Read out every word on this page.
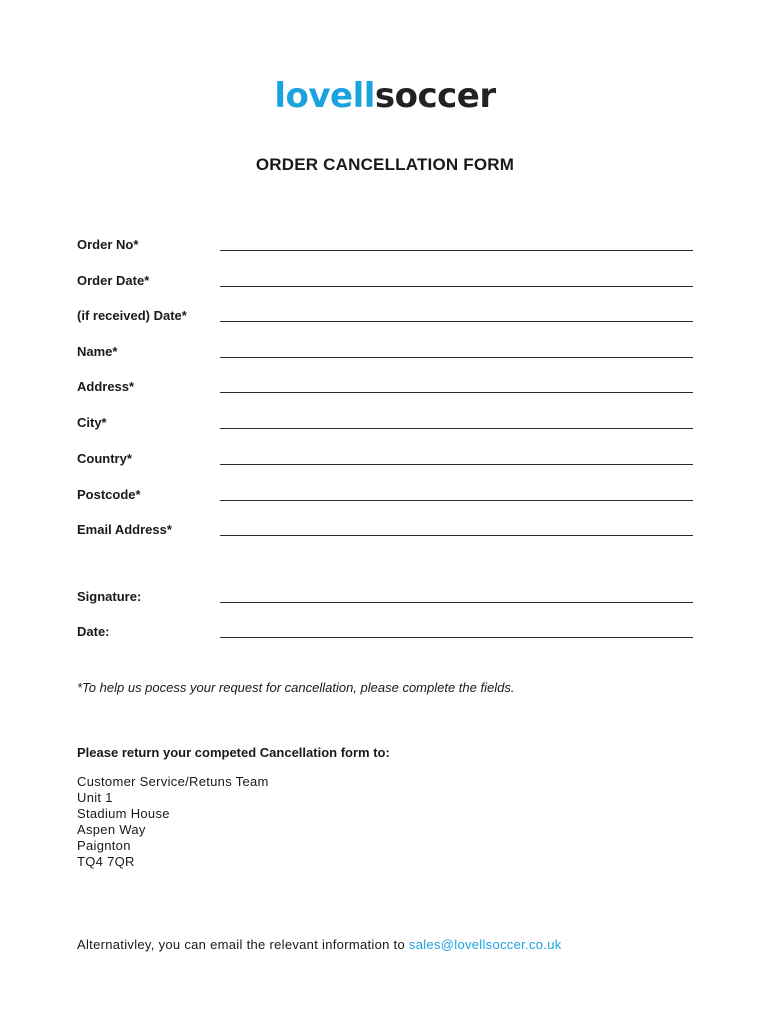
lovellsoccer
ORDER CANCELLATION FORM
Order No*
Order Date*
(if received) Date*
Name*
Address*
City*
Country*
Postcode*
Email Address*
Signature:
Date:
*To help us pocess your request for cancellation, please complete the fields.
Please return your competed Cancellation form to:
Customer Service/Retuns Team
Unit 1
Stadium House
Aspen Way
Paignton
TQ4 7QR
Alternativley, you can email the relevant information to sales@lovellsoccer.co.uk
